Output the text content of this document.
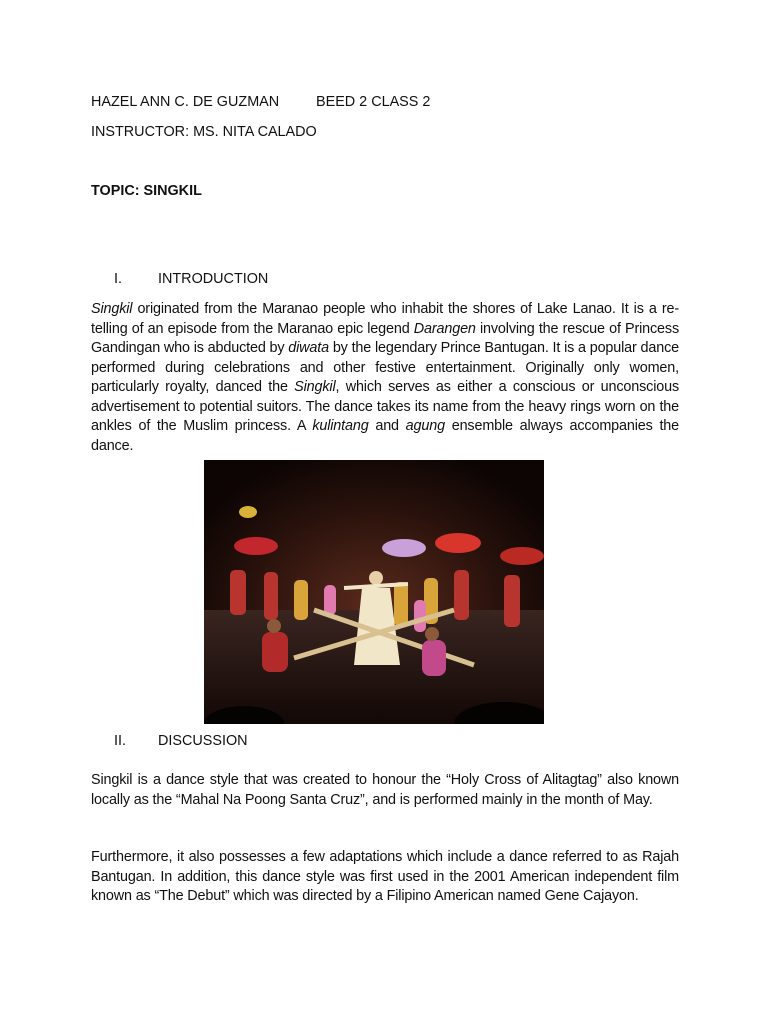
HAZEL ANN C. DE GUZMAN	BEED 2 CLASS 2
INSTRUCTOR: MS. NITA CALADO
TOPIC: SINGKIL
I.	INTRODUCTION
Singkil originated from the Maranao people who inhabit the shores of Lake Lanao. It is a re-telling of an episode from the Maranao epic legend Darangen involving the rescue of Princess Gandingan who is abducted by diwata by the legendary Prince Bantugan. It is a popular dance performed during celebrations and other festive entertainment. Originally only women, particularly royalty, danced the Singkil, which serves as either a conscious or unconscious advertisement to potential suitors. The dance takes its name from the heavy rings worn on the ankles of the Muslim princess. A kulintang and agung ensemble always accompanies the dance.
II. DISCUSSION
Singkil is a dance style that was created to honour the “Holy Cross of Alitagtag” also known locally as the “Mahal Na Poong Santa Cruz”, and is performed mainly in the month of May.
Furthermore, it also possesses a few adaptations which include a dance referred to as Rajah Bantugan. In addition, this dance style was first used in the 2001 American independent film known as “The Debut” which was directed by a Filipino American named Gene Cajayon.
